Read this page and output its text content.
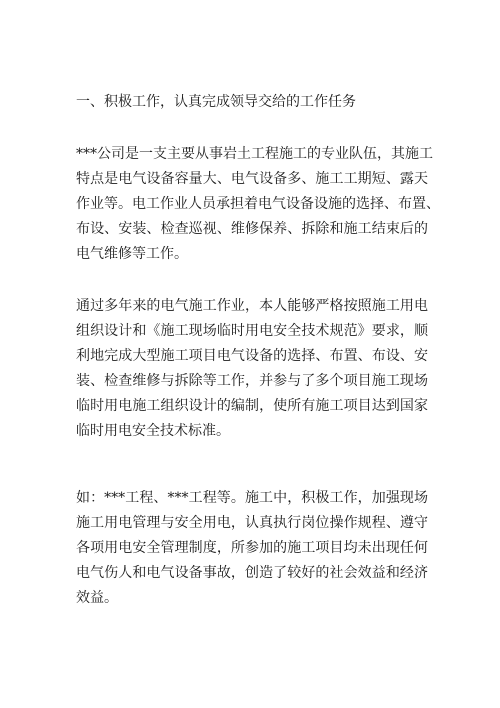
一、积极工作，认真完成领导交给的工作任务

***公司是一支主要从事岩土工程施工的专业队伍，其施工
特点是电气设备容量大、电气设备多、施工工期短、露天
作业等。电工作业人员承担着电气设备设施的选择、布置、
布设、安装、检查巡视、维修保养、拆除和施工结束后的
电气维修等工作。

通过多年来的电气施工作业，本人能够严格按照施工用电
组织设计和《施工现场临时用电安全技术规范》要求，顺
利地完成大型施工项目电气设备的选择、布置、布设、安
装、检查维修与拆除等工作，并参与了多个项目施工现场
临时用电施工组织设计的编制，使所有施工项目达到国家
临时用电安全技术标准。

如：***工程、***工程等。施工中，积极工作，加强现场
施工用电管理与安全用电，认真执行岗位操作规程、遵守
各项用电安全管理制度，所参加的施工项目均未出现任何
电气伤人和电气设备事故，创造了较好的社会效益和经济
效益。
